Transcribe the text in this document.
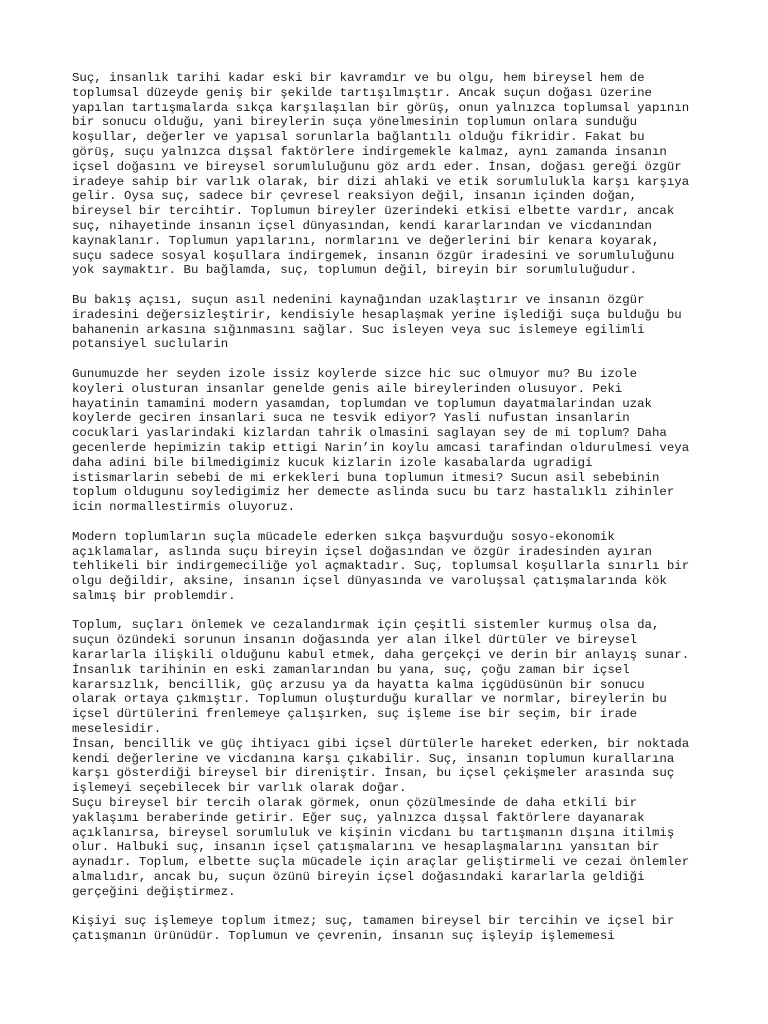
Suç, insanlık tarihi kadar eski bir kavramdır ve bu olgu, hem bireysel hem de
toplumsal düzeyde geniş bir şekilde tartışılmıştır. Ancak suçun doğası üzerine
yapılan tartışmalarda sıkça karşılaşılan bir görüş, onun yalnızca toplumsal yapının
bir sonucu olduğu, yani bireylerin suça yönelmesinin toplumun onlara sunduğu
koşullar, değerler ve yapısal sorunlarla bağlantılı olduğu fikridir. Fakat bu
görüş, suçu yalnızca dışsal faktörlere indirgemekle kalmaz, aynı zamanda insanın
içsel doğasını ve bireysel sorumluluğunu göz ardı eder. İnsan, doğası gereği özgür
iradeye sahip bir varlık olarak, bir dizi ahlaki ve etik sorumlulukla karşı karşıya
gelir. Oysa suç, sadece bir çevresel reaksiyon değil, insanın içinden doğan,
bireysel bir tercihtir. Toplumun bireyler üzerindeki etkisi elbette vardır, ancak
suç, nihayetinde insanın içsel dünyasından, kendi kararlarından ve vicdanından
kaynaklanır. Toplumun yapılarını, normlarını ve değerlerini bir kenara koyarak,
suçu sadece sosyal koşullara indirgemek, insanın özgür iradesini ve sorumluluğunu
yok saymaktır. Bu bağlamda, suç, toplumun değil, bireyin bir sorumluluğudur.
Bu bakış açısı, suçun asıl nedenini kaynağından uzaklaştırır ve insanın özgür
iradesini değersizleştirir, kendisiyle hesaplaşmak yerine işlediği suça bulduğu bu
bahanenin arkasına sığınmasını sağlar. Suc isleyen veya suc islemeye egilimli
potansiyel suclularin
Gunumuzde her seyden izole issiz koylerde sizce hic suc olmuyor mu? Bu izole
koyleri olusturan insanlar genelde genis aile bireylerinden olusuyor. Peki
hayatinin tamamini modern yasamdan, toplumdan ve toplumun dayatmalarindan uzak
koylerde geciren insanlari suca ne tesvik ediyor? Yasli nufustan insanlarin
cocuklari yaslarindaki kizlardan tahrik olmasini saglayan sey de mi toplum? Daha
gecenlerde hepimizin takip ettigi Narin’in koylu amcasi tarafindan oldurulmesi veya
daha adini bile bilmedigimiz kucuk kizlarin izole kasabalarda ugradigi
istismarlarin sebebi de mi erkekleri buna toplumun itmesi? Sucun asil sebebinin
toplum oldugunu soyledigimiz her demecte aslinda sucu bu tarz hastalıklı zihinler
icin normallestirmis oluyoruz.
Modern toplumların suçla mücadele ederken sıkça başvurduğu sosyo-ekonomik
açıklamalar, aslında suçu bireyin içsel doğasından ve özgür iradesinden ayıran
tehlikeli bir indirgemeciliğe yol açmaktadır. Suç, toplumsal koşullarla sınırlı bir
olgu değildir, aksine, insanın içsel dünyasında ve varoluşsal çatışmalarında kök
salmış bir problemdir.
Toplum, suçları önlemek ve cezalandırmak için çeşitli sistemler kurmuş olsa da,
suçun özündeki sorunun insanın doğasında yer alan ilkel dürtüler ve bireysel
kararlarla ilişkili olduğunu kabul etmek, daha gerçekçi ve derin bir anlayış sunar.
İnsanlık tarihinin en eski zamanlarından bu yana, suç, çoğu zaman bir içsel
kararsızlık, bencillik, güç arzusu ya da hayatta kalma içgüdüsünün bir sonucu
olarak ortaya çıkmıştır. Toplumun oluşturduğu kurallar ve normlar, bireylerin bu
içsel dürtülerini frenlemeye çalışırken, suç işleme ise bir seçim, bir irade
meselesidir.
İnsan, bencillik ve güç ihtiyacı gibi içsel dürtülerle hareket ederken, bir noktada
kendi değerlerine ve vicdanına karşı çıkabilir. Suç, insanın toplumun kurallarına
karşı gösterdiği bireysel bir direniştir. İnsan, bu içsel çekişmeler arasında suç
işlemeyi seçebilecek bir varlık olarak doğar.
Suçu bireysel bir tercih olarak görmek, onun çözülmesinde de daha etkili bir
yaklaşımı beraberinde getirir. Eğer suç, yalnızca dışsal faktörlere dayanarak
açıklanırsa, bireysel sorumluluk ve kişinin vicdanı bu tartışmanın dışına itilmiş
olur. Halbuki suç, insanın içsel çatışmalarını ve hesaplaşmalarını yansıtan bir
aynadır. Toplum, elbette suçla mücadele için araçlar geliştirmeli ve cezai önlemler
almalıdır, ancak bu, suçun özünü bireyin içsel doğasındaki kararlarla geldiği
gerçeğini değiştirmez.
Kişiyi suç işlemeye toplum itmez; suç, tamamen bireysel bir tercihin ve içsel bir
çatışmanın ürünüdür. Toplumun ve çevrenin, insanın suç işleyip işlememesi
